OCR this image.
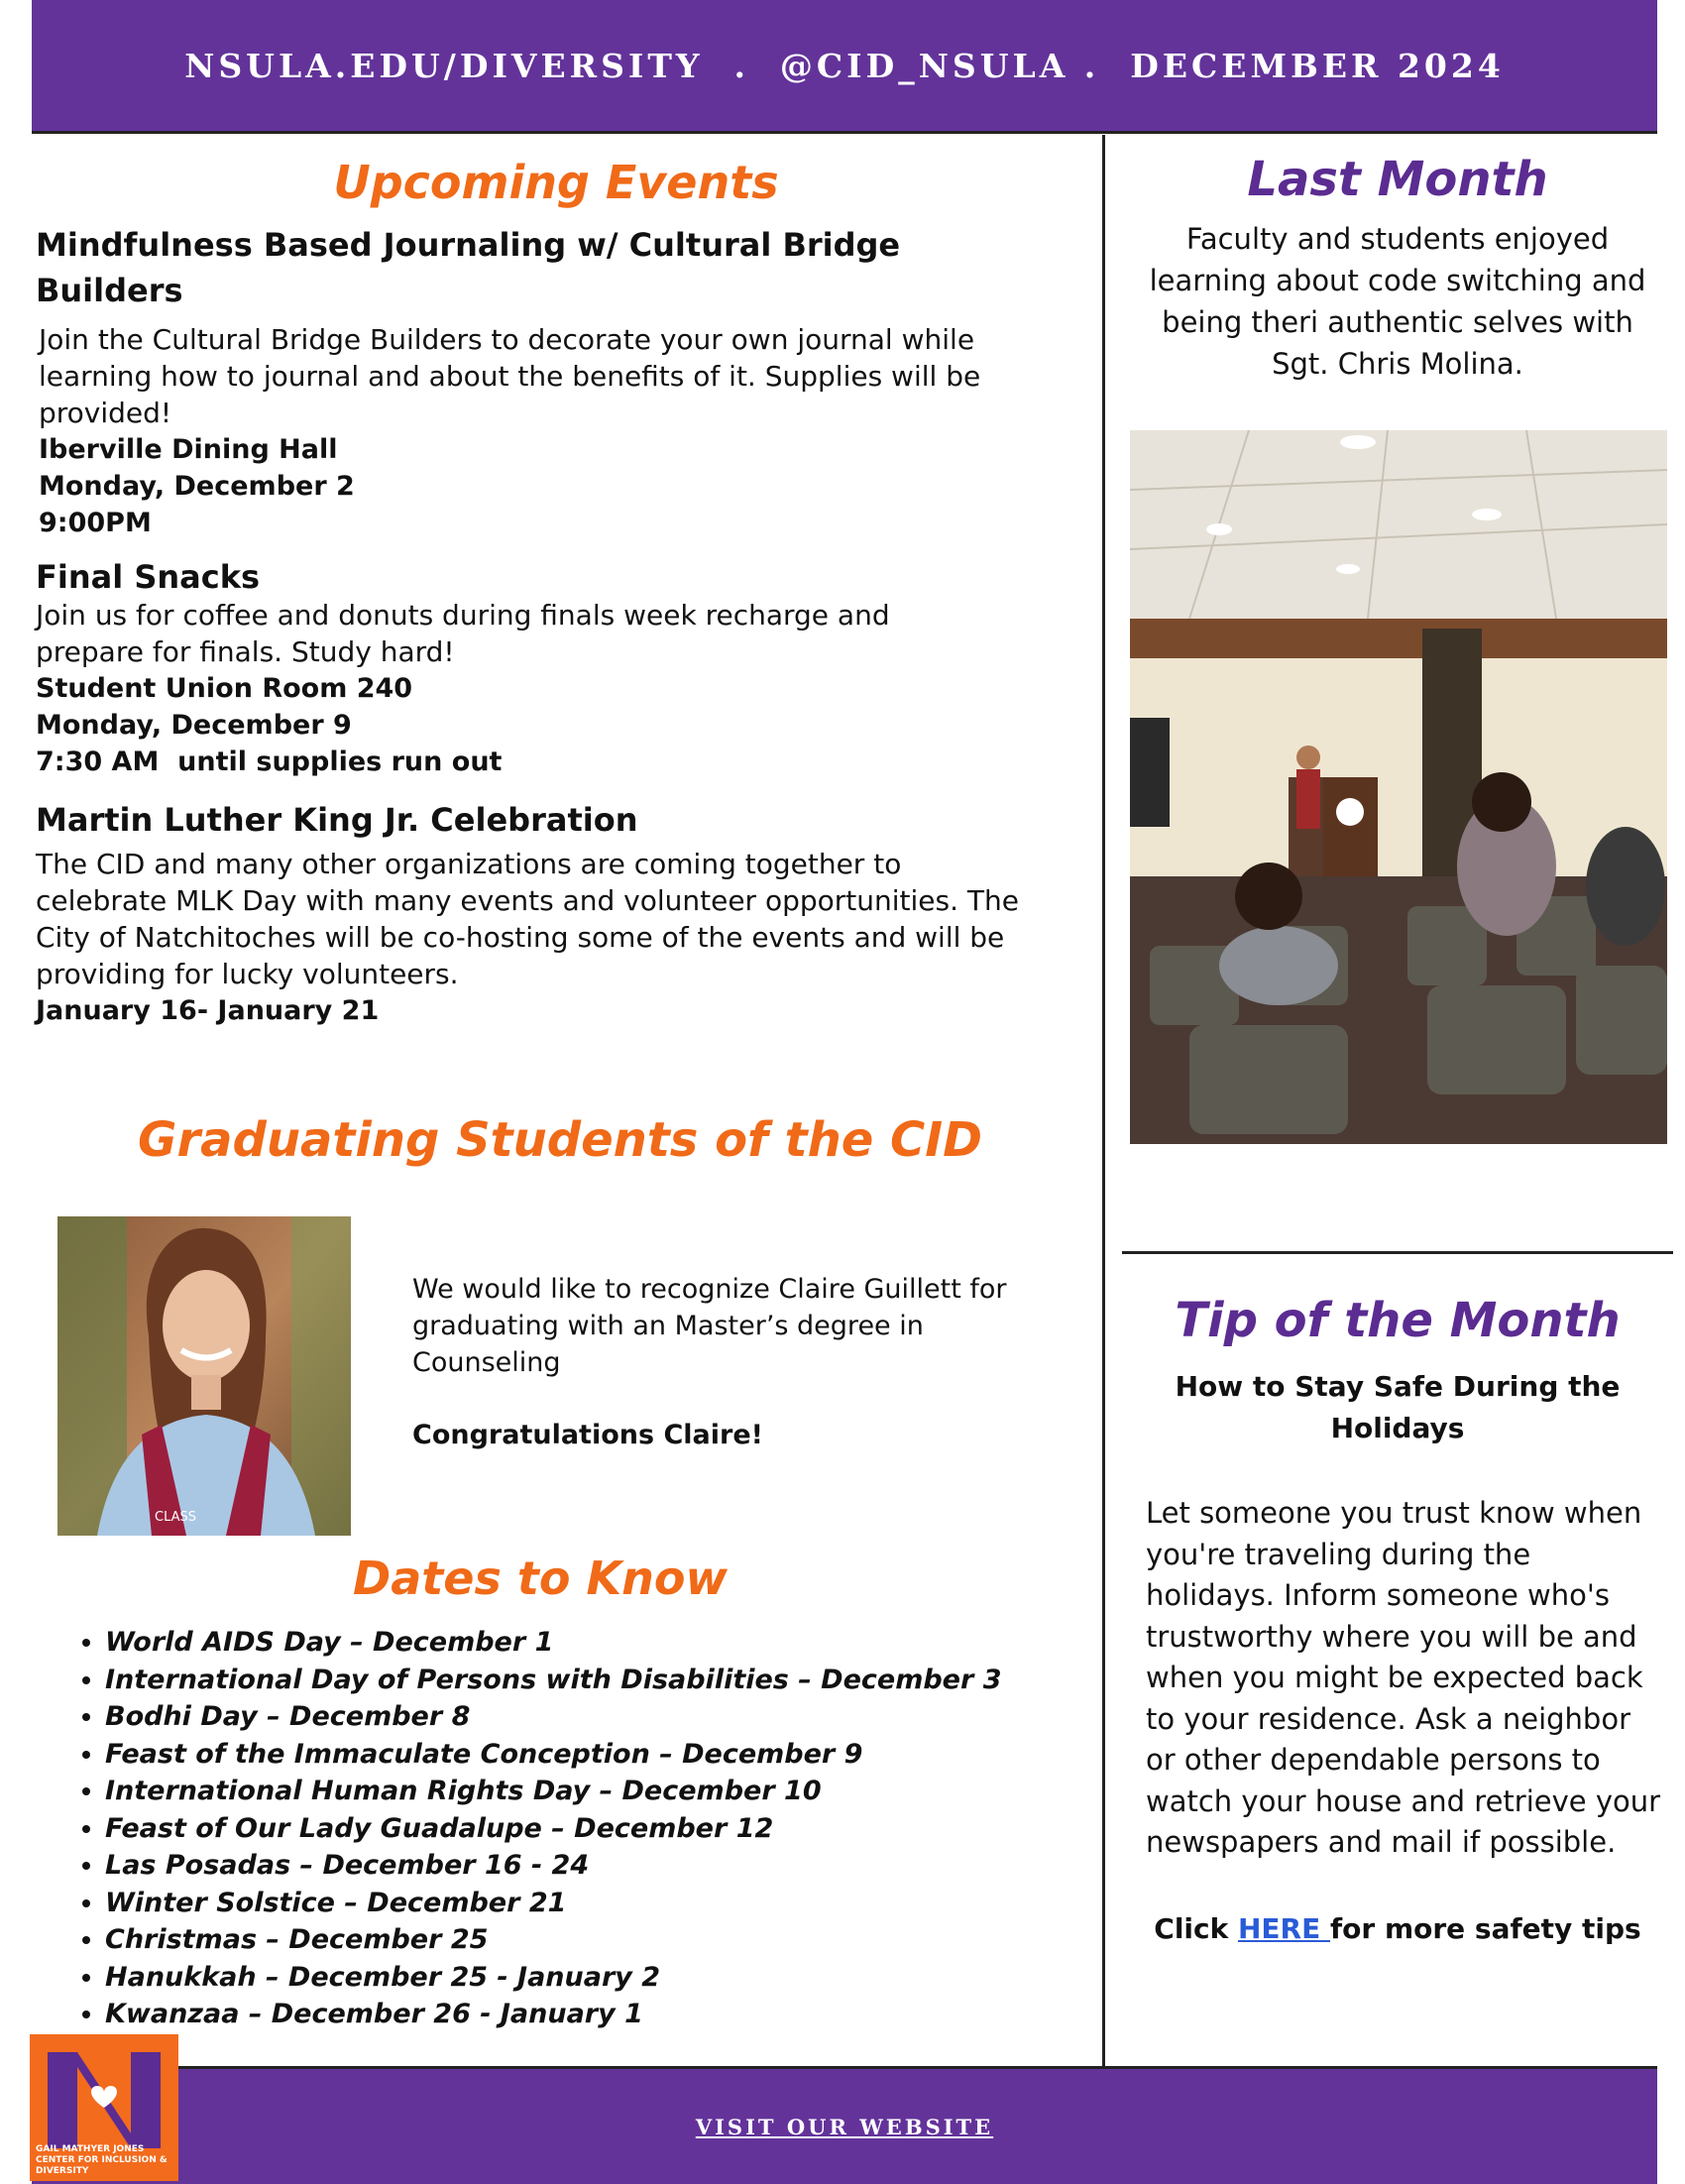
NSULA.EDU/DIVERSITY  .  @CID_NSULA .  DECEMBER 2024
Upcoming Events

Mindfulness Based Journaling w/ Cultural Bridge Builders

Join the Cultural Bridge Builders to decorate your own journal while learning how to journal and about the benefits of it. Supplies will be provided!

Iberville Dining Hall

Monday, December 2

9:00PM

Final Snacks

Join us for coffee and donuts during finals week recharge and prepare for finals. Study hard!

Student Union Room 240

Monday, December 9

7:30 AM  until supplies run out

Martin Luther King Jr. Celebration

The CID and many other organizations are coming together to celebrate MLK Day with many events and volunteer opportunities. The City of Natchitoches will be co-hosting some of the events and will be providing for lucky volunteers.

January 16- January 21

Graduating Students of the CID
CLASS

We would like to recognize Claire Guillett for graduating with an Master’s degree in Counseling

Congratulations Claire!

Dates to Know
• World AIDS Day – December 1
• International Day of Persons with Disabilities – December 3
• Bodhi Day – December 8
• Feast of the Immaculate Conception – December 9
• International Human Rights Day – December 10
• Feast of Our Lady Guadalupe – December 12
• Las Posadas – December 16 - 24
• Winter Solstice – December 21
• Christmas – December 25
• Hanukkah – December 25 - January 2
• Kwanzaa – December 26 - January 1
Last Month

Faculty and students enjoyed learning about code switching and being theri authentic selves with Sgt. Chris Molina.

Tip of the Month

How to Stay Safe During the Holidays

Let someone you trust know when you're traveling during the holidays. Inform someone who's trustworthy where you will be and when you might be expected back to your residence. Ask a neighbor or other dependable persons to watch your house and retrieve your newspapers and mail if possible.

Click HERE for more safety tips

VISIT OUR WEBSITE
GAIL MATHYER JONES CENTER FOR INCLUSION & DIVERSITY
